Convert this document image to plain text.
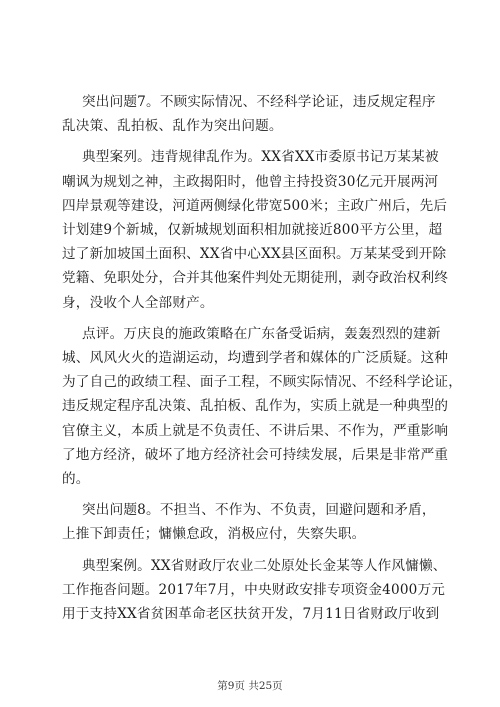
突出问题7。不顾实际情况、不经科学论证，违反规定程序
乱决策、乱拍板、乱作为突出问题。

典型案列。违背规律乱作为。XX省XX市委原书记万某某被
嘲讽为规划之神，主政揭阳时，他曾主持投资30亿元开展两河
四岸景观等建设，河道两侧绿化带宽500米；主政广州后，先后
计划建9个新城，仅新城规划面积相加就接近800平方公里，超
过了新加坡国土面积、XX省中心XX县区面积。万某某受到开除
党籍、免职处分，合并其他案件判处无期徒刑，剥夺政治权利终
身，没收个人全部财产。

点评。万庆良的施政策略在广东备受诟病，轰轰烈烈的建新
城、风风火火的造湖运动，均遭到学者和媒体的广泛质疑。这种
为了自己的政绩工程、面子工程，不顾实际情况、不经科学论证，
违反规定程序乱决策、乱拍板、乱作为，实质上就是一种典型的
官僚主义，本质上就是不负责任、不讲后果、不作为，严重影响
了地方经济，破坏了地方经济社会可持续发展，后果是非常严重
的。

突出问题8。不担当、不作为、不负责，回避问题和矛盾，
上推下卸责任；慵懒怠政，消极应付，失察失职。

典型案例。XX省财政厅农业二处原处长金某等人作风慵懒、
工作拖沓问题。2017年7月，中央财政安排专项资金4000万元
用于支持XX省贫困革命老区扶贫开发，7月11日省财政厅收到

第9页 共25页
